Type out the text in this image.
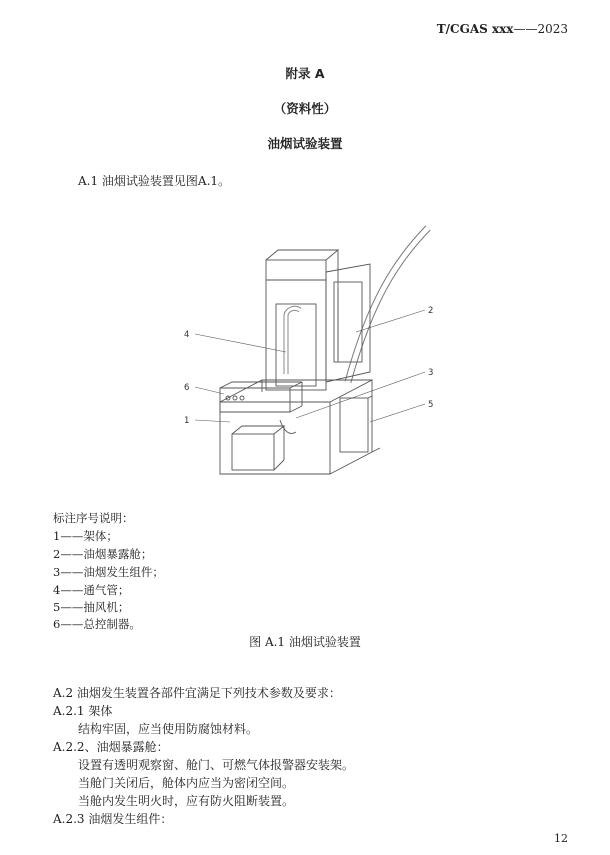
T/CGAS xxx——2023
附录 A
（资料性）
油烟试验装置
A.1 油烟试验装置见图A.1。
4
6
1
2
3
5
标注序号说明：
1——架体；
2——油烟暴露舱；
3——油烟发生组件；
4——通气管；
5——抽风机；
6——总控制器。
图 A.1 油烟试验装置
A.2 油烟发生装置各部件宜满足下列技术参数及要求：
A.2.1 架体
结构牢固，应当使用防腐蚀材料。
A.2.2、油烟暴露舱：
设置有透明观察窗、舱门、可燃气体报警器安装架。
当舱门关闭后，舱体内应当为密闭空间。
当舱内发生明火时，应有防火阻断装置。
A.2.3 油烟发生组件：
12
